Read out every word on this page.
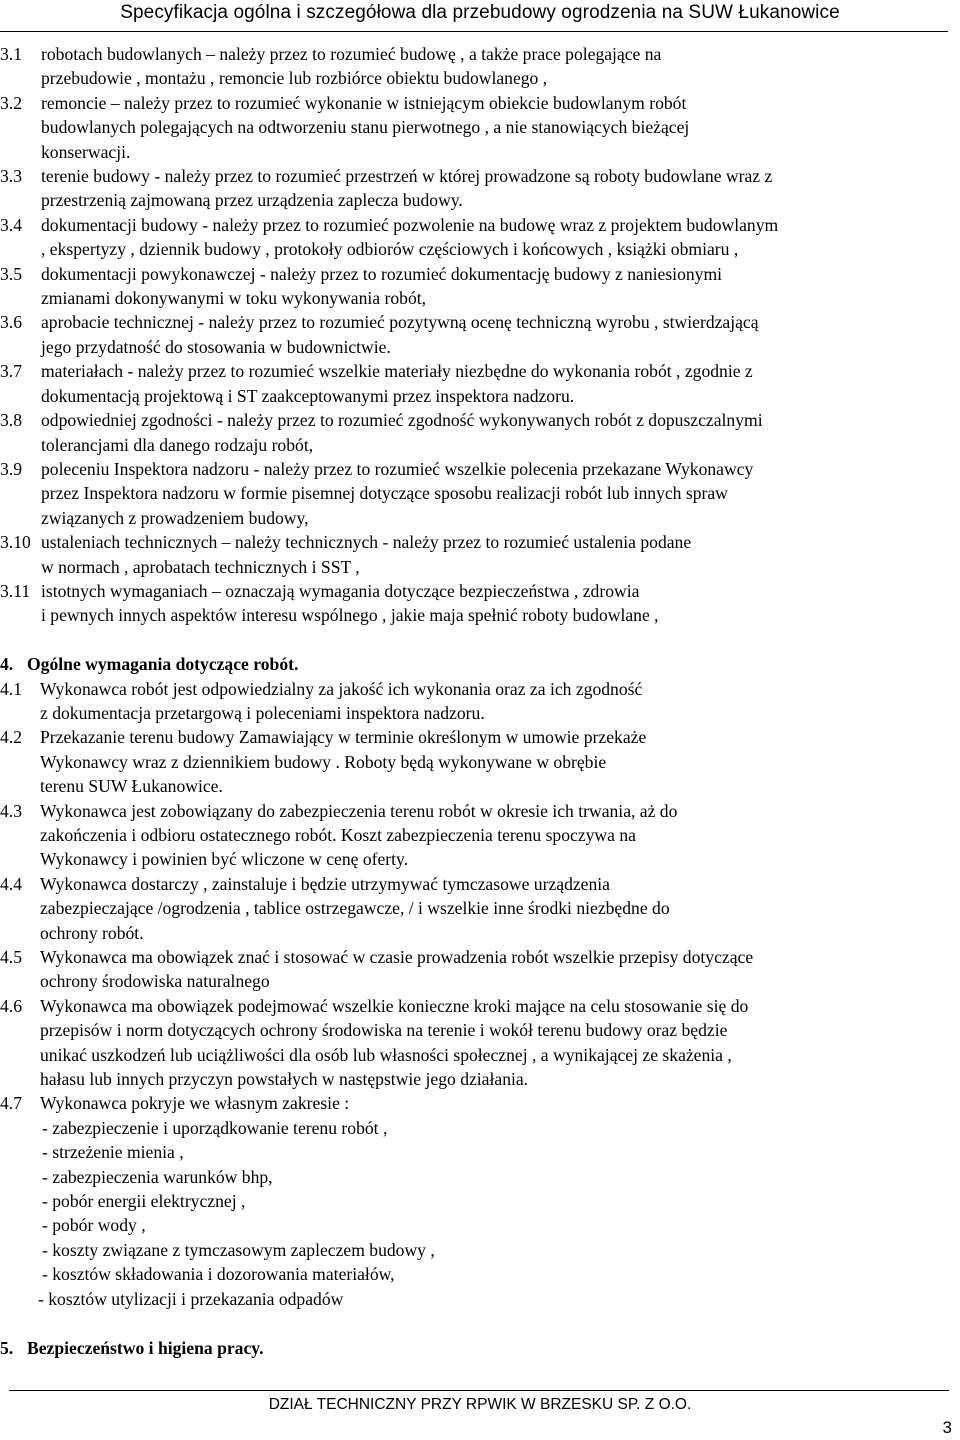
Specyfikacja ogólna i szczegółowa dla przebudowy ogrodzenia na SUW Łukanowice
3.1 robotach budowlanych – należy przez to rozumieć budowę , a także prace polegające na
przebudowie , montażu , remoncie lub rozbiórce obiektu budowlanego ,
3.2 remoncie – należy przez to rozumieć wykonanie w istniejącym obiekcie budowlanym robót
budowlanych polegających na odtworzeniu stanu pierwotnego , a nie stanowiących bieżącej
konserwacji.
3.3 terenie budowy - należy przez to rozumieć przestrzeń w której prowadzone są roboty budowlane wraz z
przestrzenią zajmowaną przez urządzenia zaplecza budowy.
3.4 dokumentacji budowy - należy przez to rozumieć pozwolenie na budowę wraz z projektem budowlanym
, ekspertyzy , dziennik budowy , protokoły odbiorów częściowych i końcowych , książki obmiaru ,
3.5 dokumentacji powykonawczej - należy przez to rozumieć dokumentację budowy z naniesionymi
zmianami dokonywanymi w toku wykonywania robót,
3.6 aprobacie technicznej - należy przez to rozumieć pozytywną ocenę techniczną wyrobu , stwierdzającą
jego przydatność do stosowania w budownictwie.
3.7 materiałach - należy przez to rozumieć wszelkie materiały niezbędne do wykonania robót , zgodnie z
dokumentacją projektową i ST zaakceptowanymi przez inspektora nadzoru.
3.8 odpowiedniej zgodności - należy przez to rozumieć zgodność wykonywanych robót z dopuszczalnymi
tolerancjami dla danego rodzaju robót,
3.9 poleceniu Inspektora nadzoru - należy przez to rozumieć wszelkie polecenia przekazane Wykonawcy
przez Inspektora nadzoru w formie pisemnej dotyczące sposobu realizacji robót lub innych spraw
związanych z prowadzeniem budowy,
3.10 ustaleniach technicznych – należy technicznych - należy przez to rozumieć ustalenia podane
w normach , aprobatach technicznych i SST ,
3.11 istotnych wymaganiach – oznaczają wymagania dotyczące bezpieczeństwa , zdrowia
i pewnych innych aspektów interesu wspólnego , jakie maja spełnić roboty budowlane ,
4. Ogólne wymagania dotyczące robót.
4.1 Wykonawca robót jest odpowiedzialny za jakość ich wykonania oraz za ich zgodność
z dokumentacja przetargową i poleceniami inspektora nadzoru.
4.2 Przekazanie terenu budowy Zamawiający w terminie określonym w umowie przekaże
Wykonawcy wraz z dziennikiem budowy . Roboty będą wykonywane w obrębie
terenu SUW Łukanowice.
4.3 Wykonawca jest zobowiązany do zabezpieczenia terenu robót w okresie ich trwania, aż do
zakończenia i odbioru ostatecznego robót. Koszt zabezpieczenia terenu spoczywa na
Wykonawcy i powinien być wliczone w cenę oferty.
4.4 Wykonawca dostarczy , zainstaluje i będzie utrzymywać tymczasowe urządzenia
zabezpieczające /ogrodzenia , tablice ostrzegawcze, / i wszelkie inne środki niezbędne do
ochrony robót.
4.5 Wykonawca ma obowiązek znać i stosować w czasie prowadzenia robót wszelkie przepisy dotyczące
ochrony środowiska naturalnego
4.6 Wykonawca ma obowiązek podejmować wszelkie konieczne kroki mające na celu stosowanie się do
przepisów i norm dotyczących ochrony środowiska na terenie i wokół terenu budowy oraz będzie
unikać uszkodzeń lub uciążliwości dla osób lub własności społecznej , a wynikającej ze skażenia ,
hałasu lub innych przyczyn powstałych w następstwie jego działania.
4.7 Wykonawca pokryje we własnym zakresie :
- zabezpieczenie i uporządkowanie terenu robót ,
- strzeżenie mienia ,
- zabezpieczenia warunków bhp,
- pobór energii elektrycznej ,
- pobór wody ,
- koszty związane z tymczasowym zapleczem budowy ,
- kosztów składowania i dozorowania materiałów,
- kosztów utylizacji i przekazania odpadów
5. Bezpieczeństwo i higiena pracy.
DZIAŁ TECHNICZNY PRZY RPWIK W BRZESKU SP. Z O.O.
3
